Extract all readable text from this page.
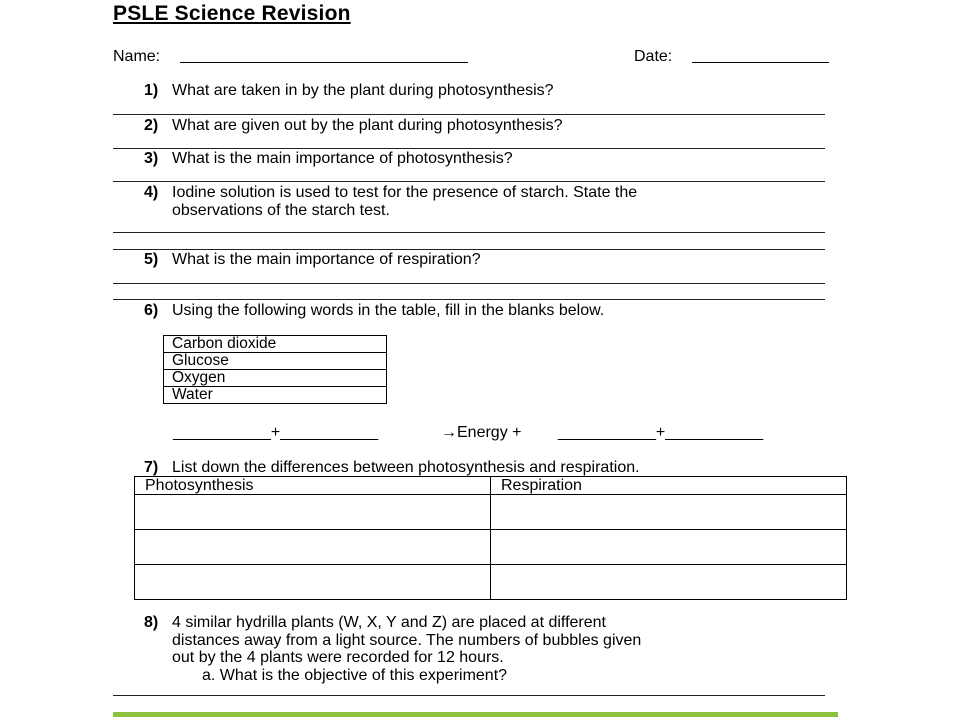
PSLE Science Revision
Name:	Date:
1) What are taken in by the plant during photosynthesis?
2) What are given out by the plant during photosynthesis?
3) What is the main importance of photosynthesis?
4) Iodine solution is used to test for the presence of starch. State the
observations of the starch test.
5) What is the main importance of respiration?
6) Using the following words in the table, fill in the blanks below.
Carbon dioxide
Glucose
Oxygen
Water
___________+___________	→Energy + ___________+___________
7) List down the differences between photosynthesis and respiration.
Photosynthesis	Respiration

8) 4 similar hydrilla plants (W, X, Y and Z) are placed at different
distances away from a light source. The numbers of bubbles given
out by the 4 plants were recorded for 12 hours.
a. What is the objective of this experiment?
